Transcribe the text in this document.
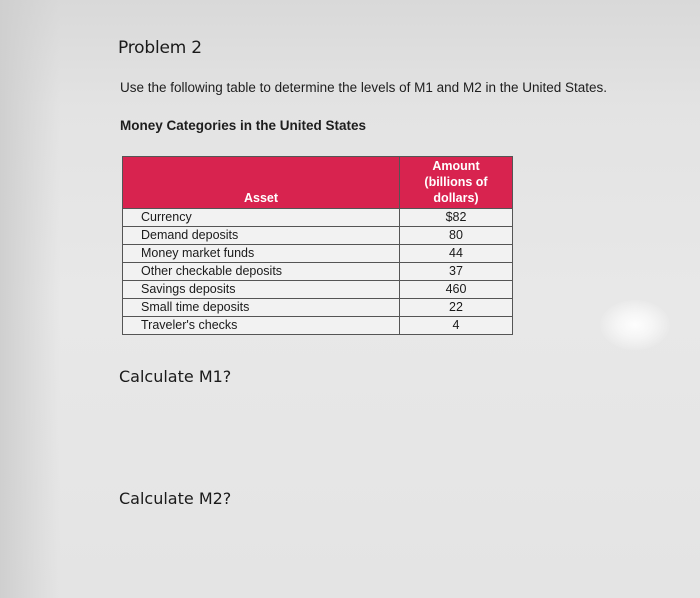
Problem 2
Use the following table to determine the levels of M1 and M2 in the United States.
Money Categories in the United States
Asset	Amount
(billions of
dollars)
Currency	$82
Demand deposits	80
Money market funds	44
Other checkable deposits	37
Savings deposits	460
Small time deposits	22
Traveler's checks	4
Calculate M1?
Calculate M2?
